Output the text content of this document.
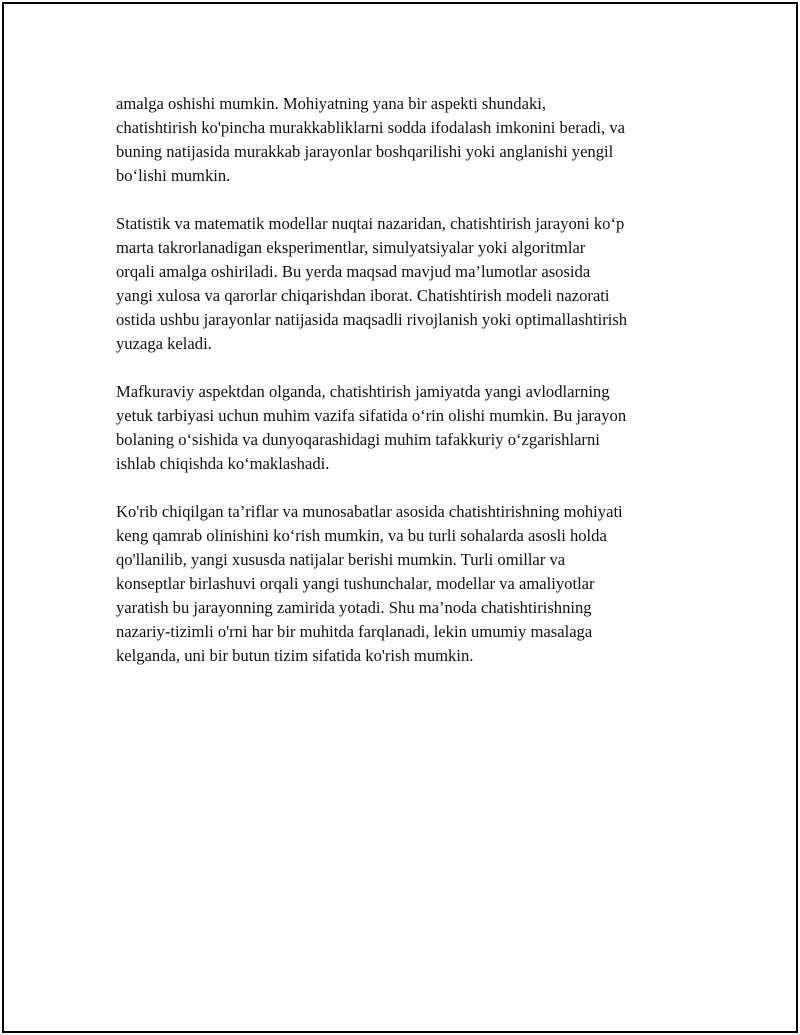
amalga oshishi mumkin. Mohiyatning yana bir aspekti shundaki,
chatishtirish ko'pincha murakkabliklarni sodda ifodalash imkonini beradi, va
buning natijasida murakkab jarayonlar boshqarilishi yoki anglanishi yengil
bo‘lishi mumkin.

Statistik va matematik modellar nuqtai nazaridan, chatishtirish jarayoni ko‘p
marta takrorlanadigan eksperimentlar, simulyatsiyalar yoki algoritmlar
orqali amalga oshiriladi. Bu yerda maqsad mavjud ma’lumotlar asosida
yangi xulosa va qarorlar chiqarishdan iborat. Chatishtirish modeli nazorati
ostida ushbu jarayonlar natijasida maqsadli rivojlanish yoki optimallashtirish
yuzaga keladi.

Mafkuraviy aspektdan olganda, chatishtirish jamiyatda yangi avlodlarning
yetuk tarbiyasi uchun muhim vazifa sifatida o‘rin olishi mumkin. Bu jarayon
bolaning o‘sishida va dunyoqarashidagi muhim tafakkuriy o‘zgarishlarni
ishlab chiqishda ko‘maklashadi.

Ko'rib chiqilgan ta’riflar va munosabatlar asosida chatishtirishning mohiyati
keng qamrab olinishini ko‘rish mumkin, va bu turli sohalarda asosli holda
qo'llanilib, yangi xususda natijalar berishi mumkin. Turli omillar va
konseptlar birlashuvi orqali yangi tushunchalar, modellar va amaliyotlar
yaratish bu jarayonning zamirida yotadi. Shu ma’noda chatishtirishning
nazariy-tizimli o'rni har bir muhitda farqlanadi, lekin umumiy masalaga
kelganda, uni bir butun tizim sifatida ko'rish mumkin.
